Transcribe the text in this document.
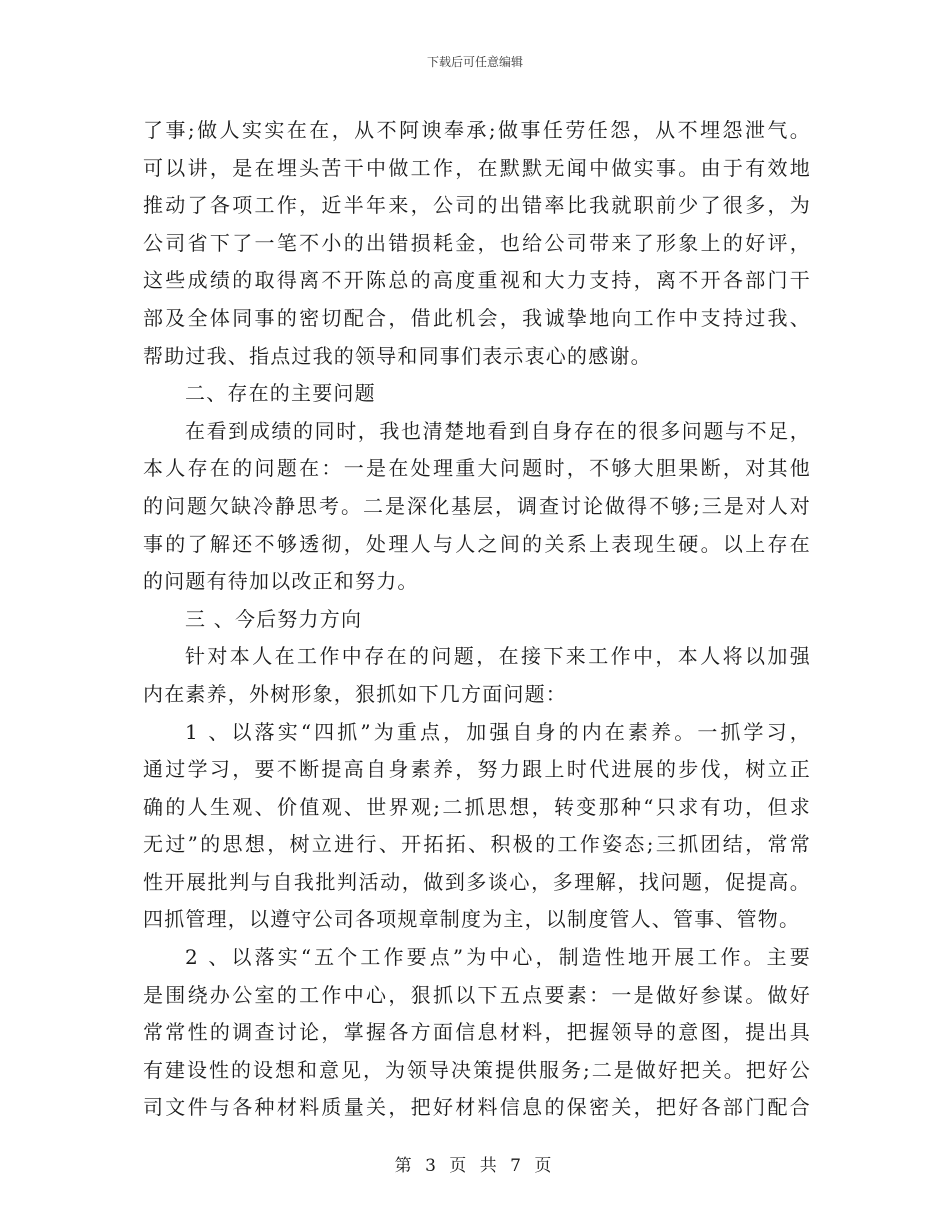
下载后可任意编辑
了事;做人实实在在，从不阿谀奉承;做事任劳任怨，从不埋怨泄气。
可以讲，是在埋头苦干中做工作，在默默无闻中做实事。由于有效地
推动了各项工作，近半年来，公司的出错率比我就职前少了很多，为
公司省下了一笔不小的出错损耗金，也给公司带来了形象上的好评，
这些成绩的取得离不开陈总的高度重视和大力支持，离不开各部门干
部及全体同事的密切配合，借此机会，我诚挚地向工作中支持过我、
帮助过我、指点过我的领导和同事们表示衷心的感谢。
二、存在的主要问题
在看到成绩的同时，我也清楚地看到自身存在的很多问题与不足，
本人存在的问题在：一是在处理重大问题时，不够大胆果断，对其他
的问题欠缺冷静思考。二是深化基层，调查讨论做得不够;三是对人对
事的了解还不够透彻，处理人与人之间的关系上表现生硬。以上存在
的问题有待加以改正和努力。
三 、今后努力方向
针对本人在工作中存在的问题，在接下来工作中，本人将以加强
内在素养，外树形象，狠抓如下几方面问题：
1 、以落实“四抓”为重点，加强自身的内在素养。一抓学习，
通过学习，要不断提高自身素养，努力跟上时代进展的步伐，树立正
确的人生观、价值观、世界观;二抓思想，转变那种“只求有功，但求
无过”的思想，树立进行、开拓拓、积极的工作姿态;三抓团结，常常
性开展批判与自我批判活动，做到多谈心，多理解，找问题，促提高。
四抓管理，以遵守公司各项规章制度为主，以制度管人、管事、管物。
2 、以落实“五个工作要点”为中心，制造性地开展工作。主要
是围绕办公室的工作中心，狠抓以下五点要素：一是做好参谋。做好
常常性的调查讨论，掌握各方面信息材料，把握领导的意图，提出具
有建设性的设想和意见，为领导决策提供服务;二是做好把关。把好公
司文件与各种材料质量关，把好材料信息的保密关，把好各部门配合
第 3 页 共 7 页
